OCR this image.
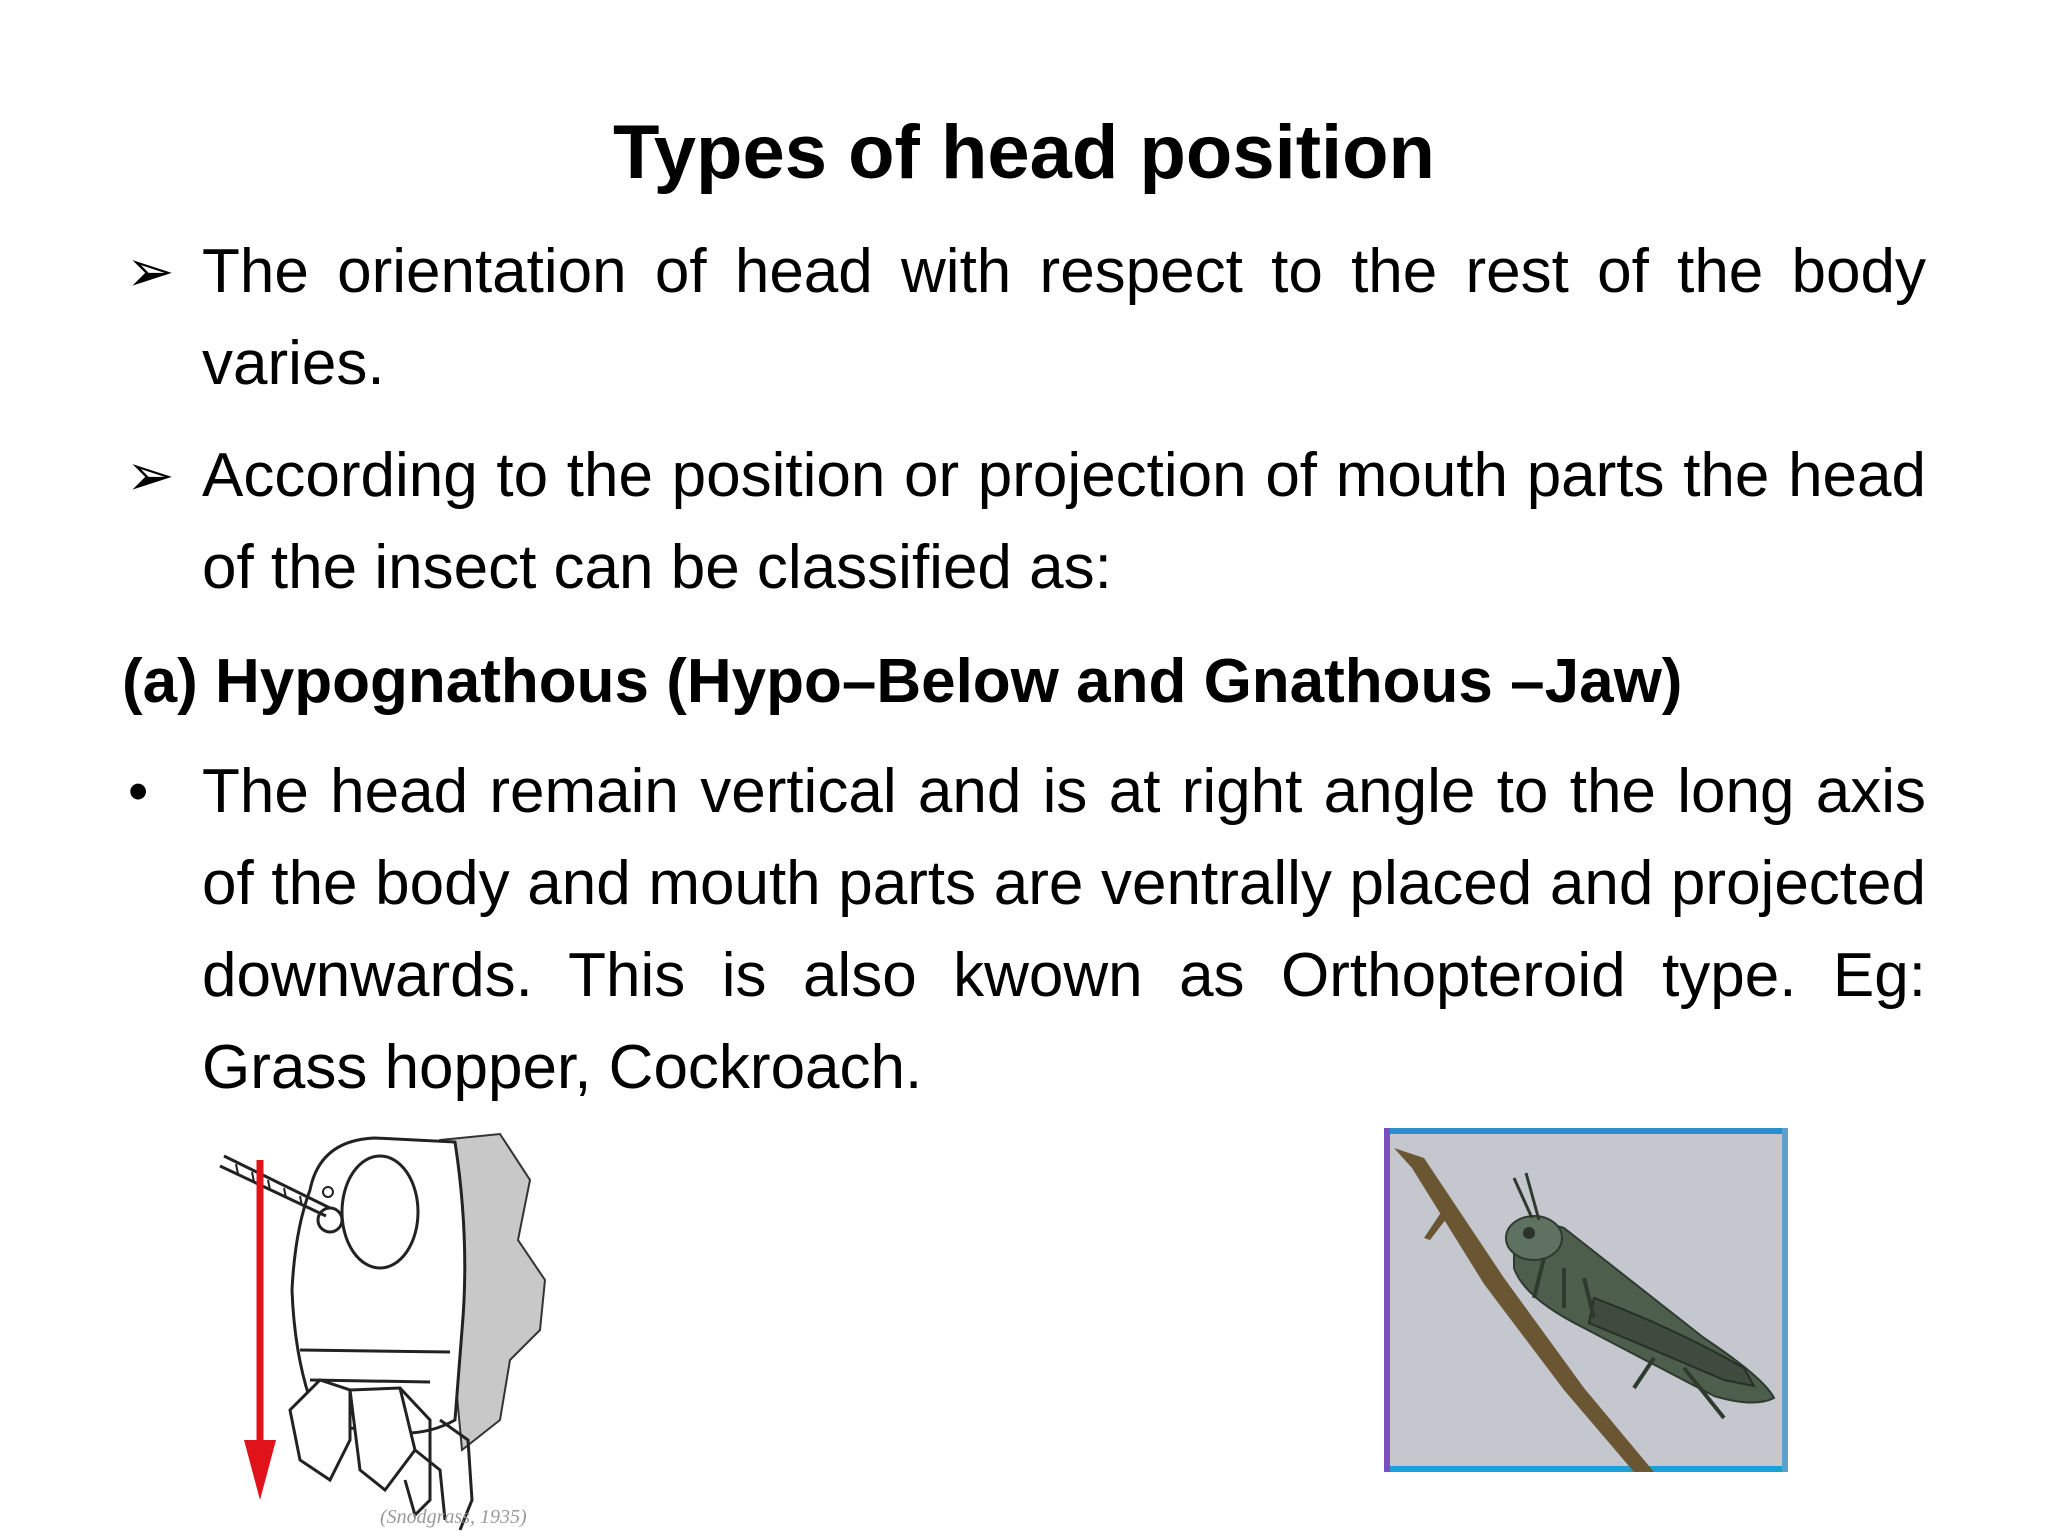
Types of head position
➢ The orientation of head with respect to the rest of the body varies.
➢ According to the position or projection of mouth parts the head of the insect can be classified as:
(a) Hypognathous (Hypo–Below and Gnathous –Jaw)
• The head remain vertical and is at right angle to the long axis of the body and mouth parts are ventrally placed and projected downwards. This is also kwown as Orthopteroid type. Eg: Grass hopper, Cockroach.
(Snodgrass, 1935)
